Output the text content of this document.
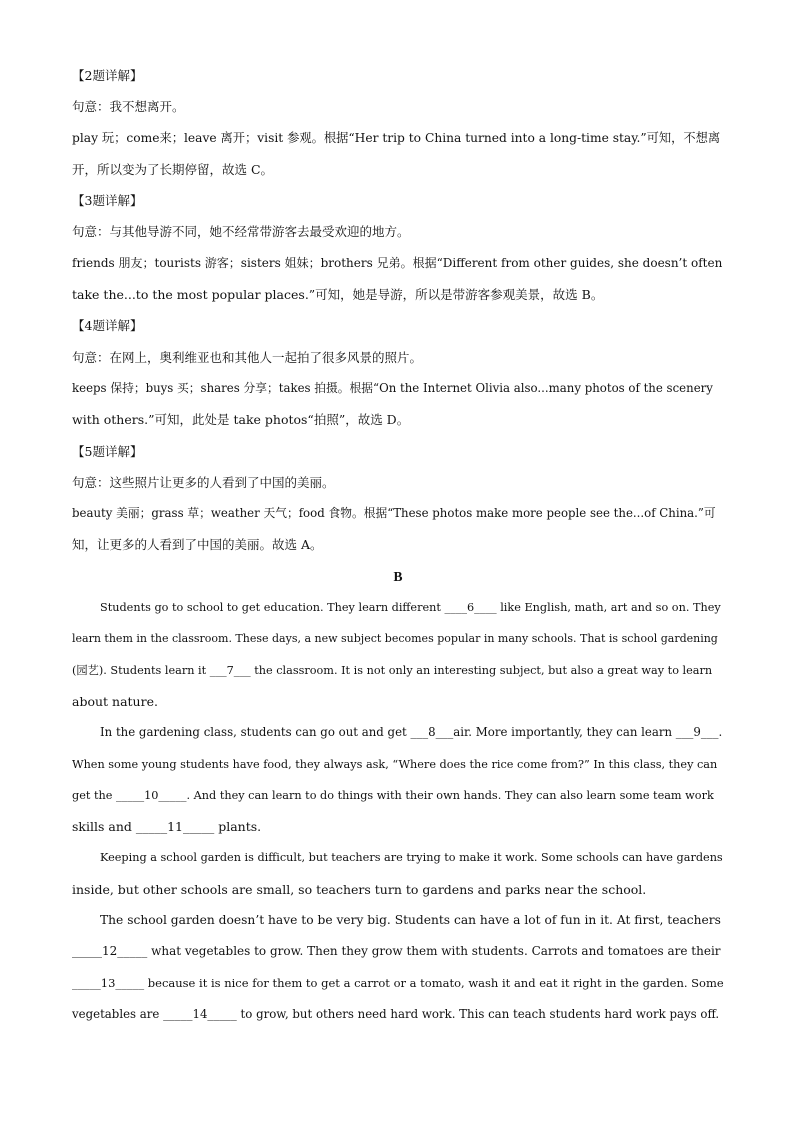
【2题详解】

句意：我不想离开。

play 玩；come来；leave 离开；visit 参观。根据“Her trip to China turned into a long-time stay.”可知，不想离

开，所以变为了长期停留，故选 C。

【3题详解】

句意：与其他导游不同，她不经常带游客去最受欢迎的地方。

friends 朋友；tourists 游客；sisters 姐妹；brothers 兄弟。根据“Different from other guides, she doesn’t often

take the...to the most popular places.”可知，她是导游，所以是带游客参观美景，故选 B。

【4题详解】

句意：在网上，奥利维亚也和其他人一起拍了很多风景的照片。

keeps 保持；buys 买；shares 分享；takes 拍摄。根据“On the Internet Olivia also...many photos of the scenery

with others.”可知，此处是 take photos“拍照”，故选 D。

【5题详解】

句意：这些照片让更多的人看到了中国的美丽。

beauty 美丽；grass 草；weather 天气；food 食物。根据“These photos make more people see the...of China.”可

知，让更多的人看到了中国的美丽。故选 A。

B

Students go to school to get education. They learn different ____6____ like English, math, art and so on. They

learn them in the classroom. These days, a new subject becomes popular in many schools. That is school gardening

(园艺). Students learn it ___7___ the classroom. It is not only an interesting subject, but also a great way to learn

about nature.

In the gardening class, students can go out and get ___8___air. More importantly, they can learn ___9___.

When some young students have food, they always ask, “Where does the rice come from?” In this class, they can

get the _____10_____. And they can learn to do things with their own hands. They can also learn some team work

skills and _____11_____ plants.

Keeping a school garden is difficult, but teachers are trying to make it work. Some schools can have gardens

inside, but other schools are small, so teachers turn to gardens and parks near the school.

The school garden doesn’t have to be very big. Students can have a lot of fun in it. At first, teachers

_____12_____ what vegetables to grow. Then they grow them with students. Carrots and tomatoes are their

_____13_____ because it is nice for them to get a carrot or a tomato, wash it and eat it right in the garden. Some

vegetables are _____14_____ to grow, but others need hard work. This can teach students hard work pays off.
